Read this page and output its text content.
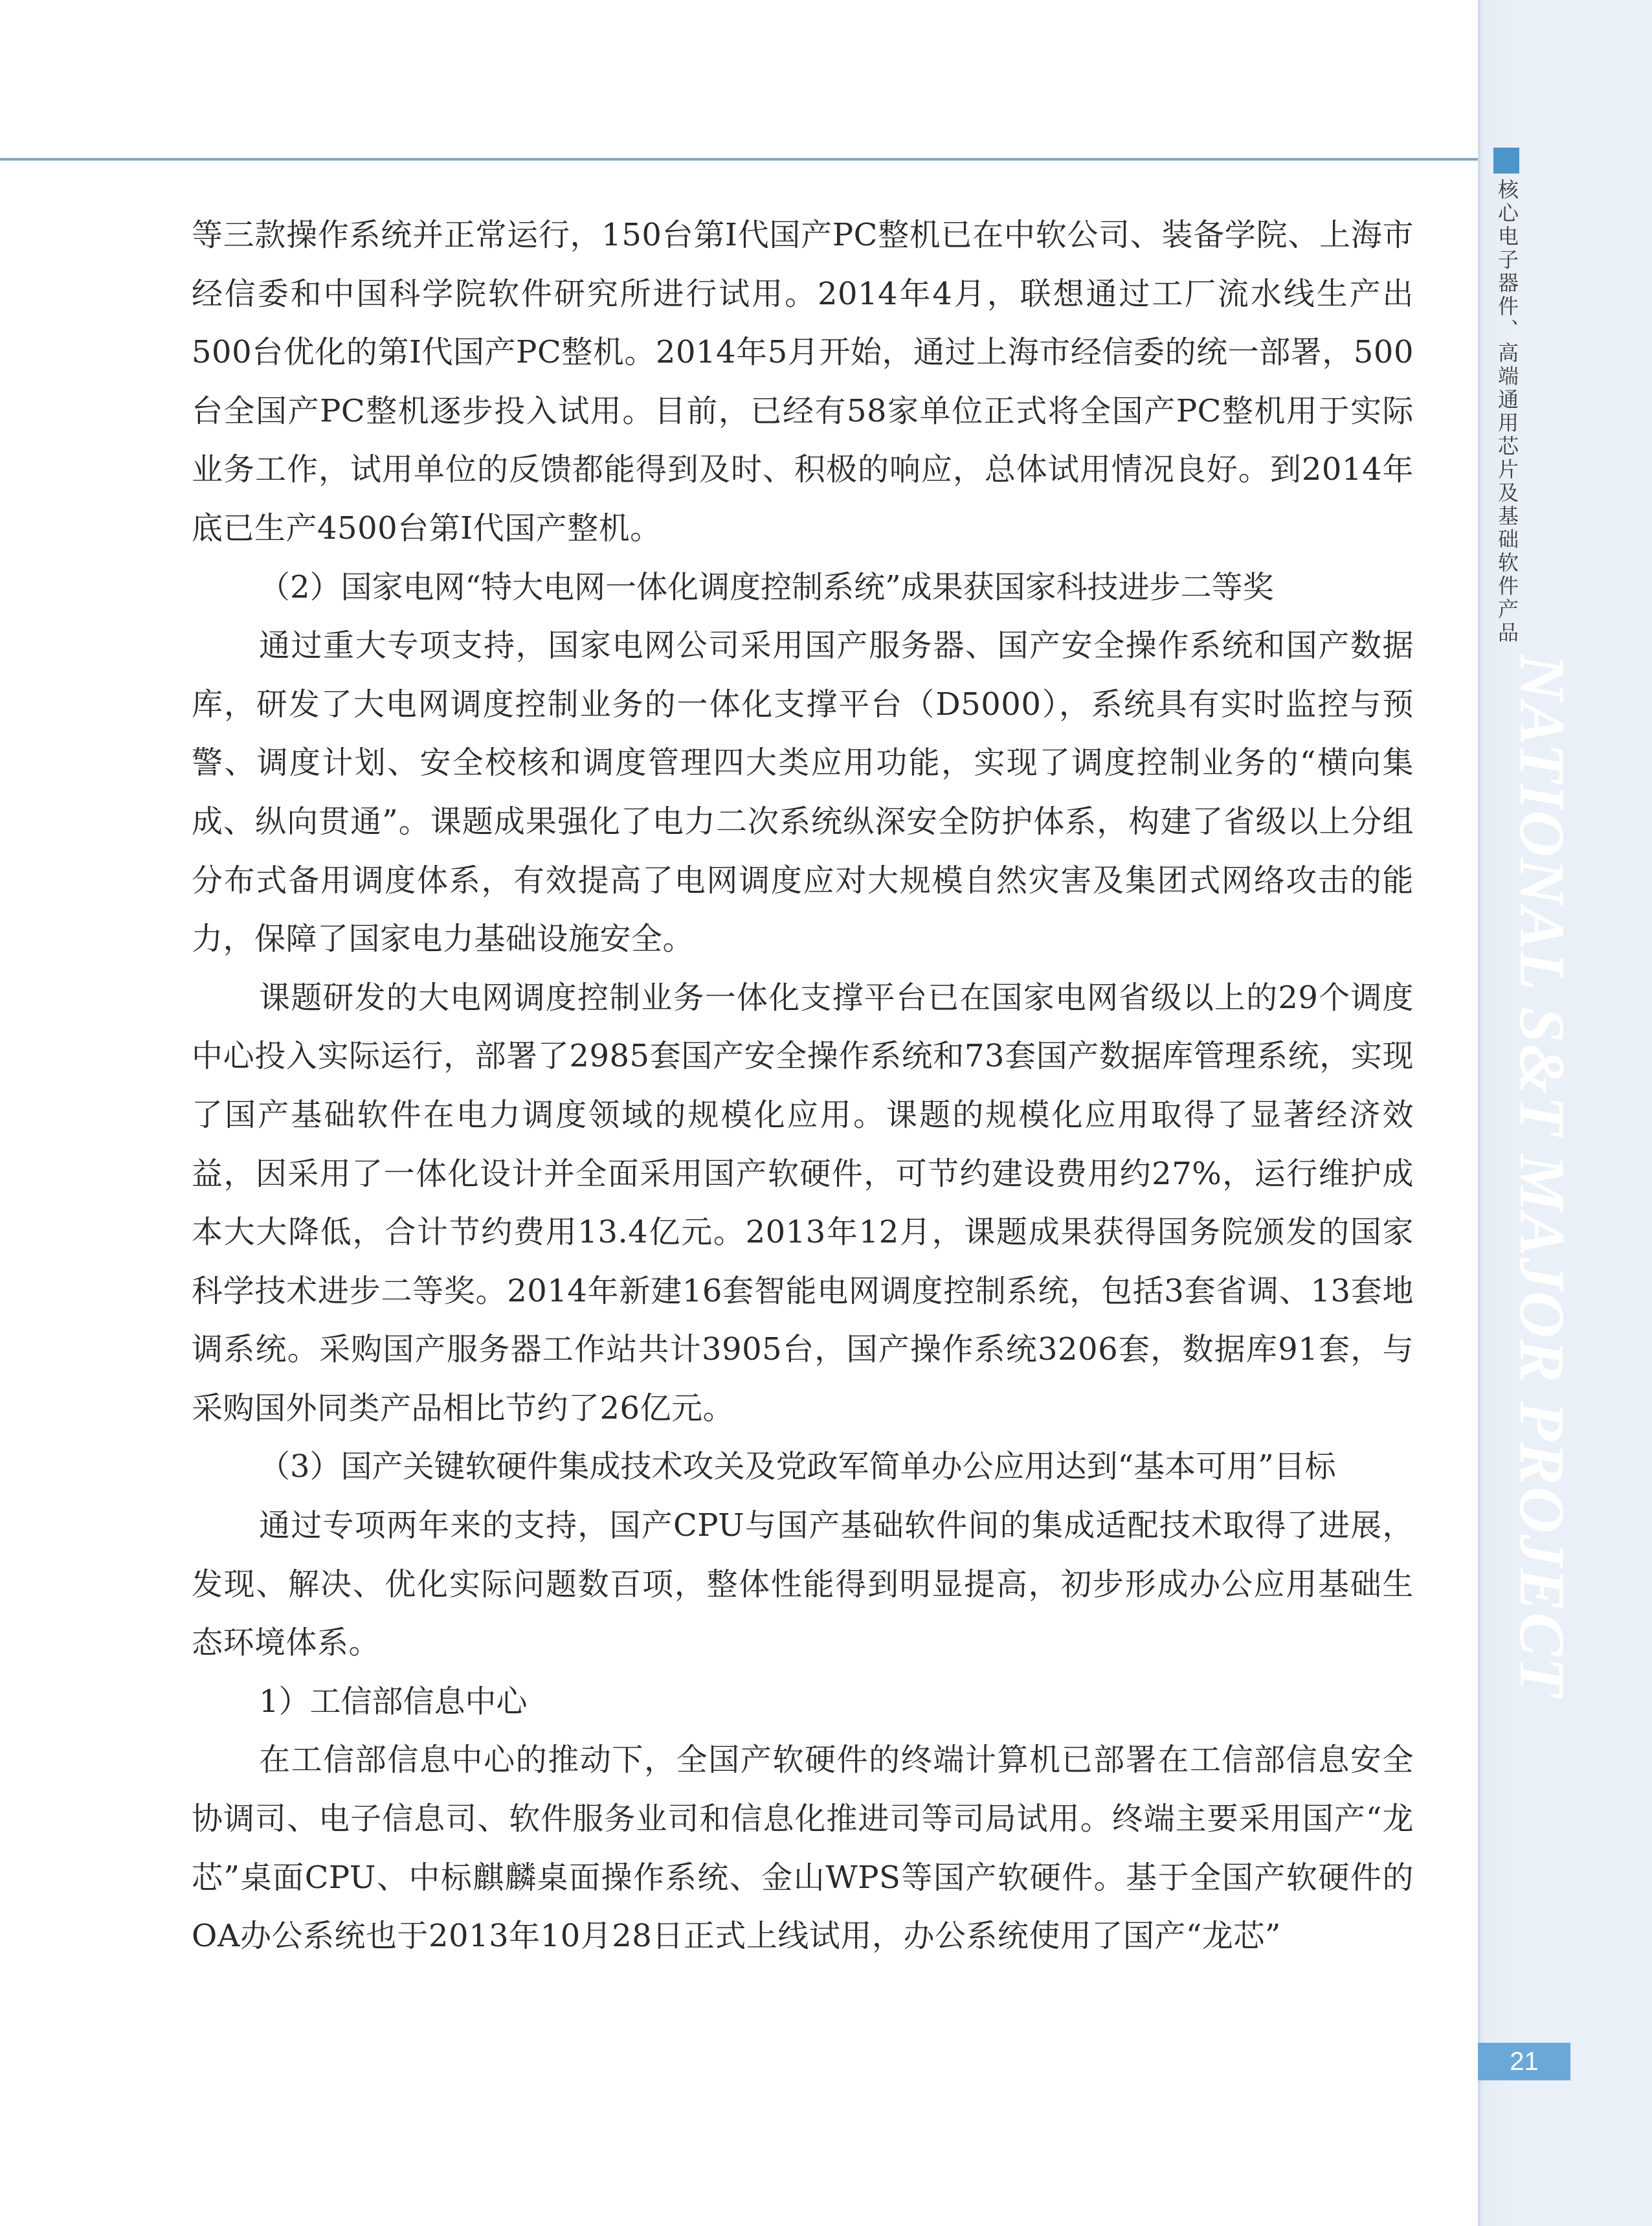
核心电子器件、高端通用芯片及基础软件产品
NATIONAL S&T MAJOR PROJECT
21

等三款操作系统并正常运行，150台第I代国产PC整机已在中软公司、装备学院、上海市经信委和中国科学院软件研究所进行试用。2014年4月，联想通过工厂流水线生产出500台优化的第I代国产PC整机。2014年5月开始，通过上海市经信委的统一部署，500台全国产PC整机逐步投入试用。目前，已经有58家单位正式将全国产PC整机用于实际业务工作，试用单位的反馈都能得到及时、积极的响应，总体试用情况良好。到2014年底已生产4500台第I代国产整机。

（2）国家电网“特大电网一体化调度控制系统”成果获国家科技进步二等奖

通过重大专项支持，国家电网公司采用国产服务器、国产安全操作系统和国产数据库，研发了大电网调度控制业务的一体化支撑平台（D5000），系统具有实时监控与预警、调度计划、安全校核和调度管理四大类应用功能，实现了调度控制业务的“横向集成、纵向贯通”。课题成果强化了电力二次系统纵深安全防护体系，构建了省级以上分组分布式备用调度体系，有效提高了电网调度应对大规模自然灾害及集团式网络攻击的能力，保障了国家电力基础设施安全。

课题研发的大电网调度控制业务一体化支撑平台已在国家电网省级以上的29个调度中心投入实际运行，部署了2985套国产安全操作系统和73套国产数据库管理系统，实现了国产基础软件在电力调度领域的规模化应用。课题的规模化应用取得了显著经济效益，因采用了一体化设计并全面采用国产软硬件，可节约建设费用约27%，运行维护成本大大降低，合计节约费用13.4亿元。2013年12月，课题成果获得国务院颁发的国家科学技术进步二等奖。2014年新建16套智能电网调度控制系统，包括3套省调、13套地调系统。采购国产服务器工作站共计3905台，国产操作系统3206套，数据库91套，与采购国外同类产品相比节约了26亿元。

（3）国产关键软硬件集成技术攻关及党政军简单办公应用达到“基本可用”目标

通过专项两年来的支持，国产CPU与国产基础软件间的集成适配技术取得了进展，发现、解决、优化实际问题数百项，整体性能得到明显提高，初步形成办公应用基础生态环境体系。

1）工信部信息中心

在工信部信息中心的推动下，全国产软硬件的终端计算机已部署在工信部信息安全协调司、电子信息司、软件服务业司和信息化推进司等司局试用。终端主要采用国产“龙芯”桌面CPU、中标麒麟桌面操作系统、金山WPS等国产软硬件。基于全国产软硬件的OA办公系统也于2013年10月28日正式上线试用，办公系统使用了国产“龙芯”
